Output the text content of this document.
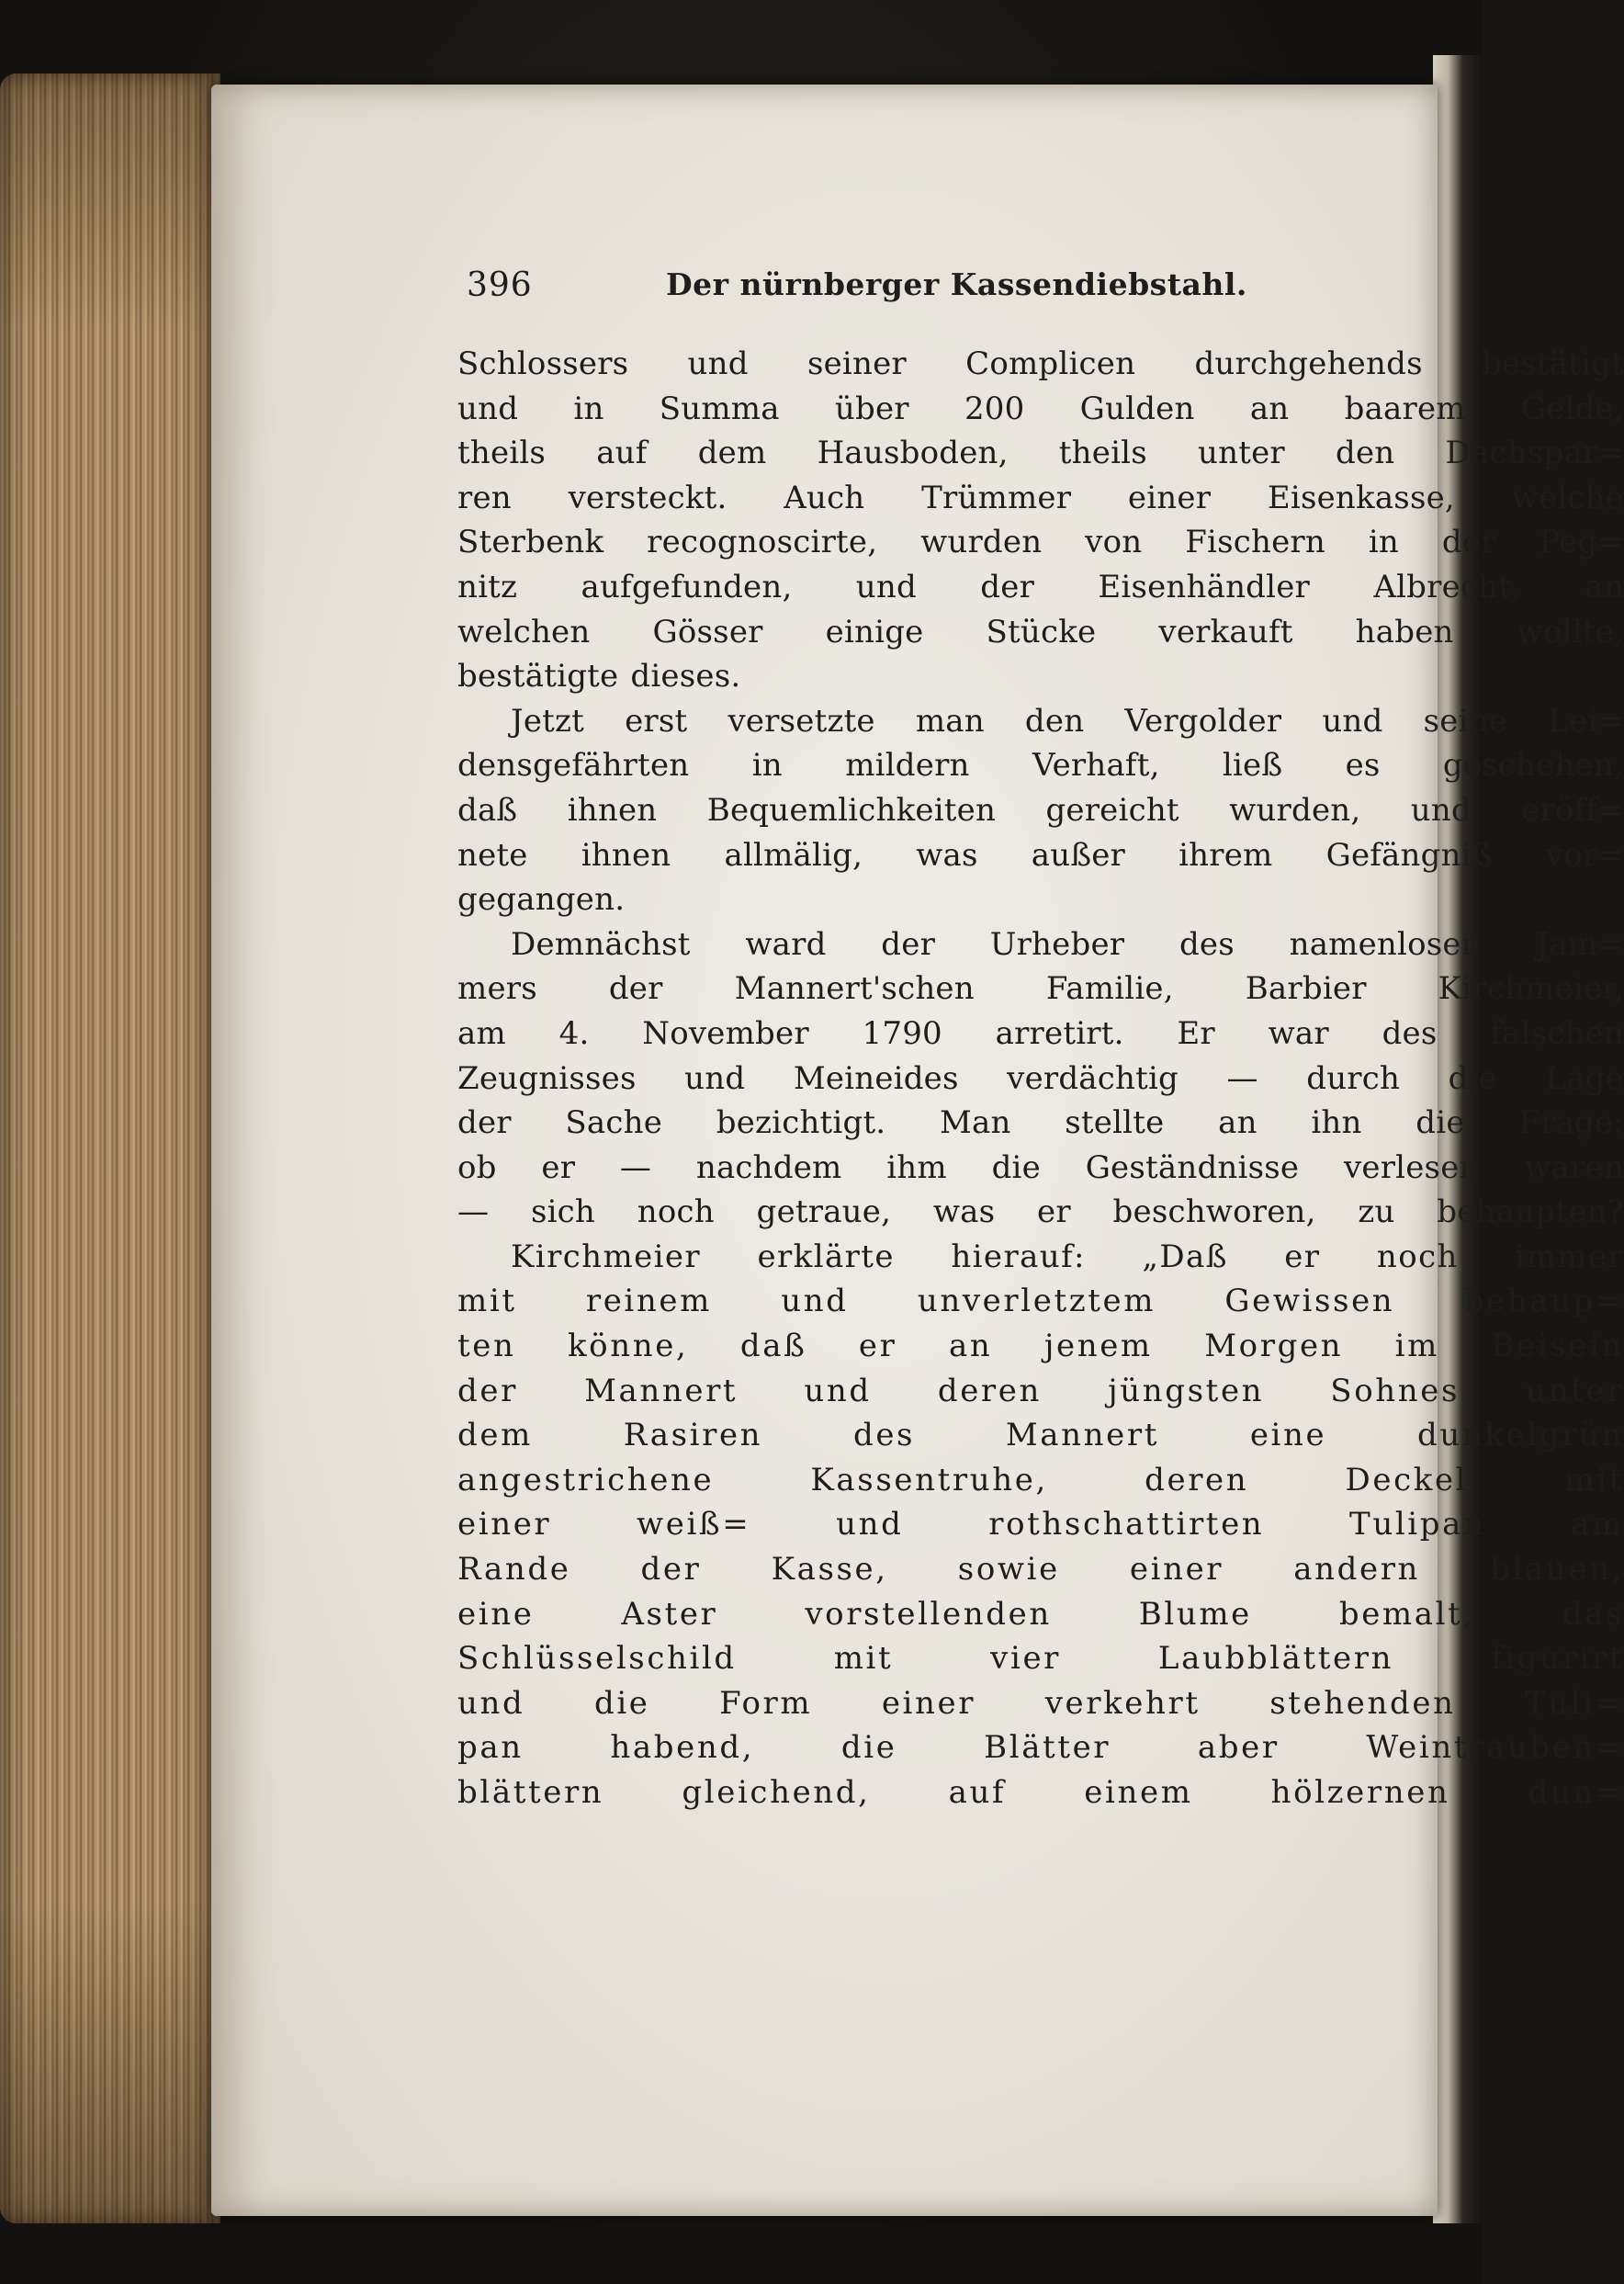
396	Der nürnberger Kassendiebstahl.
Schlossers und seiner Complicen durchgehends bestätigt
und in Summa über 200 Gulden an baarem Gelde,
theils auf dem Hausboden, theils unter den Dachspar=
ren versteckt. Auch Trümmer einer Eisenkasse, welche
Sterbenk recognoscirte, wurden von Fischern in der Peg=
nitz aufgefunden, und der Eisenhändler Albrecht, an
welchen Gösser einige Stücke verkauft haben wollte,
bestätigte dieses.
Jetzt erst versetzte man den Vergolder und seine Lei=
densgefährten in mildern Verhaft, ließ es geschehen,
daß ihnen Bequemlichkeiten gereicht wurden, und eröff=
nete ihnen allmälig, was außer ihrem Gefängniß vor=
gegangen.
Demnächst ward der Urheber des namenlosen Jam=
mers der Mannert'schen Familie, Barbier Kirchmeier,
am 4. November 1790 arretirt. Er war des falschen
Zeugnisses und Meineides verdächtig — durch die Lage
der Sache bezichtigt. Man stellte an ihn die Frage:
ob er — nachdem ihm die Geständnisse verlesen waren
— sich noch getraue, was er beschworen, zu behaupten?
Kirchmeier erklärte hierauf: „Daß er noch immer
mit reinem und unverletztem Gewissen behaup=
ten könne, daß er an jenem Morgen im Beisein
der Mannert und deren jüngsten Sohnes unter
dem Rasiren des Mannert eine dunkelgrün
angestrichene Kassentruhe, deren Deckel mit
einer weiß= und rothschattirten Tulipan am
Rande der Kasse, sowie einer andern blauen,
eine Aster vorstellenden Blume bemalt, das
Schlüsselschild mit vier Laubblättern figurirt
und die Form einer verkehrt stehenden Tuli=
pan habend, die Blätter aber Weintrauben=
blättern gleichend, auf einem hölzernen dun=
